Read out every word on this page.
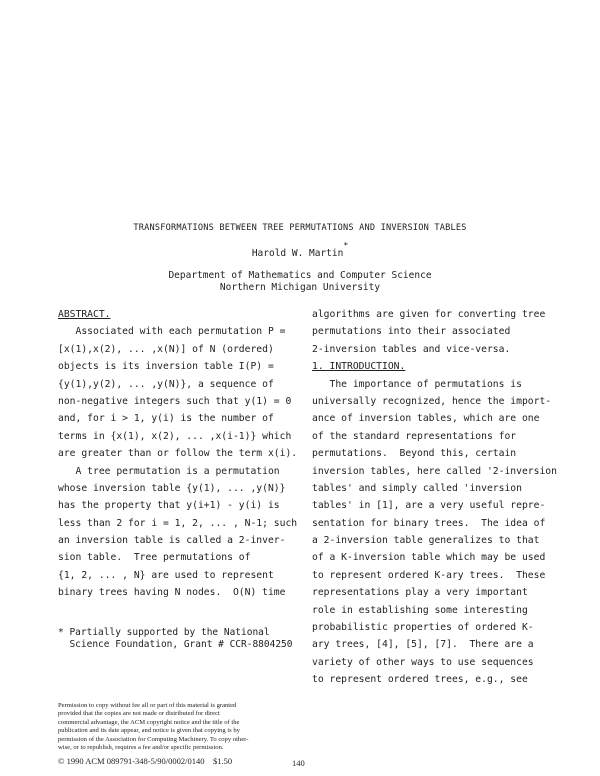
TRANSFORMATIONS BETWEEN TREE PERMUTATIONS AND INVERSION TABLES
Harold W. Martin*
Department of Mathematics and Computer Science
Northern Michigan University
ABSTRACT.
Associated with each permutation P =
[x(1),x(2), ... ,x(N)] of N (ordered)
objects is its inversion table I(P) =
{y(1),y(2), ... ,y(N)}, a sequence of
non-negative integers such that y(1) = 0
and, for i > 1, y(i) is the number of
terms in {x(1), x(2), ... ,x(i-1)} which
are greater than or follow the term x(i).
A tree permutation is a permutation
whose inversion table {y(1), ... ,y(N)}
has the property that y(i+1) - y(i) is
less than 2 for i = 1, 2, ... , N-1; such
an inversion table is called a 2-inver-
sion table.  Tree permutations of
{1, 2, ... , N} are used to represent
binary trees having N nodes.  O(N) time
* Partially supported by the National
Science Foundation, Grant # CCR-8804250
Permission to copy without fee all or part of this material is granted
provided that the copies are not made or distributed for direct
commercial advantage, the ACM copyright notice and the title of the
publication and its date appear, and notice is given that copying is by
permission of the Association for Computing Machinery. To copy other-
wise, or to republish, requires a fee and/or specific permission.
© 1990 ACM 089791-348-5/90/0002/0140    $1.50	140
algorithms are given for converting tree
permutations into their associated
2-inversion tables and vice-versa.
1. INTRODUCTION.
The importance of permutations is
universally recognized, hence the import-
ance of inversion tables, which are one
of the standard representations for
permutations.  Beyond this, certain
inversion tables, here called '2-inversion
tables' and simply called 'inversion
tables' in [1], are a very useful repre-
sentation for binary trees.  The idea of
a 2-inversion table generalizes to that
of a K-inversion table which may be used
to represent ordered K-ary trees.  These
representations play a very important
role in establishing some interesting
probabilistic properties of ordered K-
ary trees, [4], [5], [7].  There are a
variety of other ways to use sequences
to represent ordered trees, e.g., see
